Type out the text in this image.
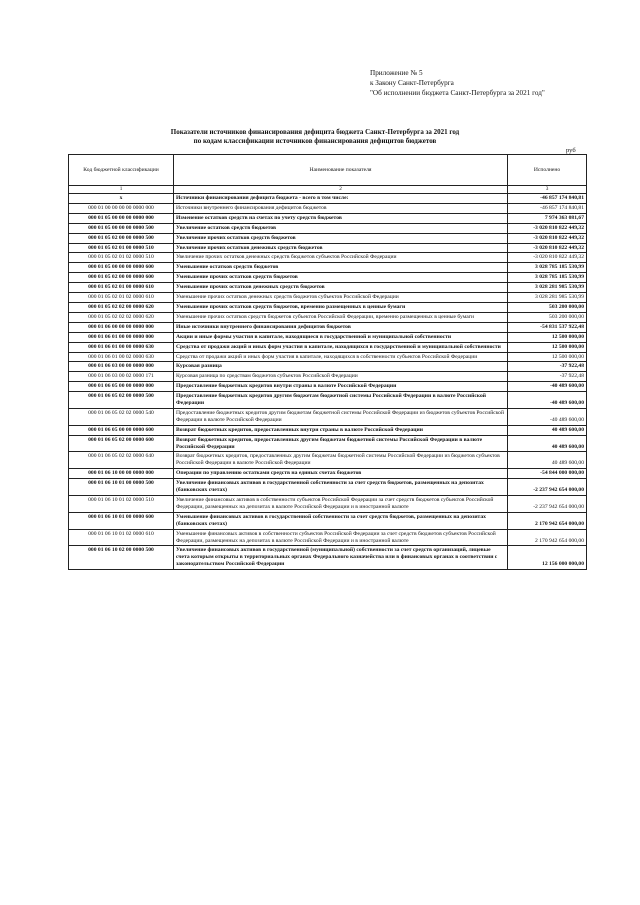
Приложение № 5
к Закону Санкт-Петербурга
"Об исполнении бюджета Санкт-Петербурга за 2021 год"
Показатели источников финансирования дефицита бюджета Санкт-Петербурга за 2021 год
по кодам классификации источников финансирования дефицитов бюджетов
руб
Код бюджетной классификации	Наименование показателя	Исполнено
1	2	3
x	Источники финансирования дефицита бюджета - всего в том числе:	-46 857 174 840,81
000 01 00 00 00 00 0000 000	Источники внутреннего финансирования дефицитов бюджетов	-46 857 174 840,81
000 01 05 00 00 00 0000 000	Изменение остатков средств на счетах по учету средств бюджетов	7 974 363 081,67
000 01 05 00 00 00 0000 500	Увеличение остатков средств бюджетов	-3 020 810 822 449,32
000 01 05 02 00 00 0000 500	Увеличение прочих остатков средств бюджетов	-3 020 810 822 449,32
000 01 05 02 01 00 0000 510	Увеличение прочих остатков денежных средств бюджетов	-3 020 810 822 449,32
000 01 05 02 01 02 0000 510	Увеличение прочих остатков денежных средств бюджетов субъектов Российской Федерации	-3 020 810 822 449,32
000 01 05 00 00 00 0000 600	Уменьшение остатков средств бюджетов	3 028 785 185 530,99
000 01 05 02 00 00 0000 600	Уменьшение прочих остатков средств бюджетов	3 028 785 185 530,99
000 01 05 02 01 00 0000 610	Уменьшение прочих остатков денежных средств бюджетов	3 028 281 985 530,99
000 01 05 02 01 02 0000 610	Уменьшение прочих остатков денежных средств бюджетов субъектов Российской Федерации	3 028 281 985 530,99
000 01 05 02 02 00 0000 620	Уменьшение прочих остатков средств бюджетов, временно размещенных в ценные бумаги	503 200 000,00
000 01 05 02 02 02 0000 620	Уменьшение прочих остатков средств бюджетов субъектов Российской Федерации, временно размещенных в ценные бумаги	503 200 000,00
000 01 06 00 00 00 0000 000	Иные источники внутреннего финансирования дефицитов бюджетов	-54 831 537 922,48
000 01 06 01 00 00 0000 000	Акции и иные формы участия в капитале, находящиеся в государственной и муниципальной собственности	12 500 000,00
000 01 06 01 00 00 0000 630	Средства от продажи акций и иных форм участия в капитале, находящихся в государственной и муниципальной собственности	12 500 000,00
000 01 06 01 00 02 0000 630	Средства от продажи акций и иных форм участия в капитале, находящихся в собственности субъектов Российской Федерации	12 500 000,00
000 01 06 03 00 00 0000 000	Курсовая разница	-37 922,48
000 01 06 03 00 02 0000 171	Курсовая разница по средствам бюджетов субъектов Российской Федерации	-37 922,48
000 01 06 05 00 00 0000 000	Предоставление бюджетных кредитов внутри страны в валюте Российской Федерации	-40 489 600,00
000 01 06 05 02 00 0000 500	Предоставление бюджетных кредитов другим бюджетам бюджетной системы Российской Федерации в валюте Российской Федерации	-40 489 600,00
000 01 06 05 02 02 0000 540	Предоставление бюджетных кредитов другим бюджетам бюджетной системы Российской Федерации из бюджетов субъектов Российской Федерации в валюте Российской Федерации	-40 489 600,00
000 01 06 05 00 00 0000 600	Возврат бюджетных кредитов, предоставленных внутри страны в валюте Российской Федерации	40 489 600,00
000 01 06 05 02 00 0000 600	Возврат бюджетных кредитов, предоставленных другим бюджетам бюджетной системы Российской Федерации в валюте Российской Федерации	40 489 600,00
000 01 06 05 02 02 0000 640	Возврат бюджетных кредитов, предоставленных другим бюджетам бюджетной системы Российской Федерации из бюджетов субъектов Российской Федерации в валюте Российской Федерации	40 489 600,00
000 01 06 10 00 00 0000 000	Операции по управлению остатками средств на единых счетах бюджетов	-54 844 000 000,00
000 01 06 10 01 00 0000 500	Увеличение финансовых активов в государственной собственности за счет средств бюджетов, размещенных на депозитах (банковских счетах)	-2 237 942 654 000,00
000 01 06 10 01 02 0000 510	Увеличение финансовых активов в собственности субъектов Российской Федерации за счет средств бюджетов субъектов Российской Федерации, размещенных на депозитах в валюте Российской Федерации и в иностранной валюте	-2 237 942 654 000,00
000 01 06 10 01 00 0000 600	Уменьшение финансовых активов в государственной собственности за счет средств бюджетов, размещенных на депозитах (банковских счетах)	2 170 942 654 000,00
000 01 06 10 01 02 0000 610	Уменьшение финансовых активов в собственности субъектов Российской Федерации за счет средств бюджетов субъектов Российской Федерации, размещенных на депозитах в валюте Российской Федерации и в иностранной валюте	2 170 942 654 000,00
000 01 06 10 02 00 0000 500	Увеличение финансовых активов в государственной (муниципальной) собственности за счет средств организаций, лицевые счета которым открыты в территориальных органах Федерального казначейства или в финансовых органах в соответствии с законодательством Российской Федерации	12 156 000 000,00
